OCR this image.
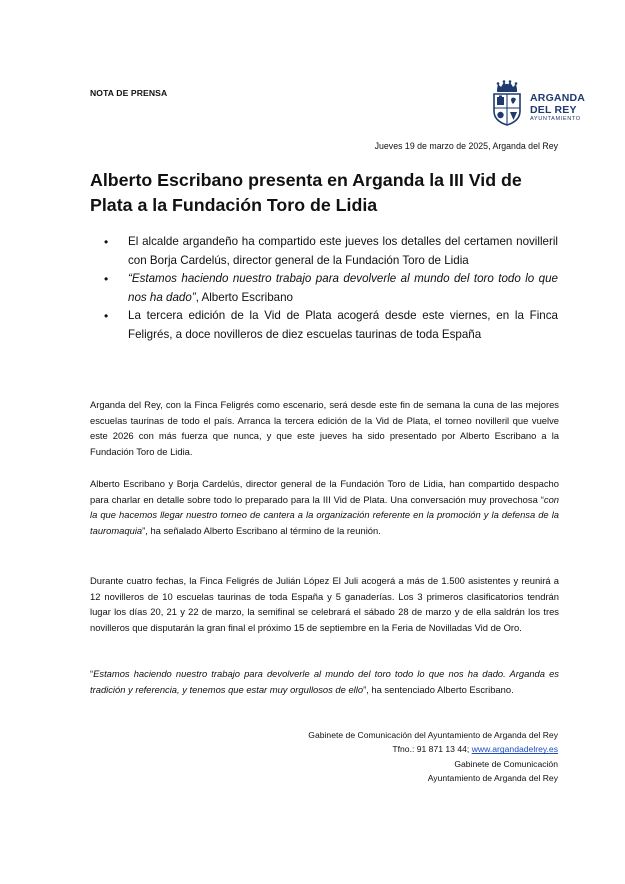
NOTA DE PRENSA	ARGANDA
DEL REY
AYUNTAMIENTO
Jueves 19 de marzo de 2025, Arganda del Rey
Alberto Escribano presenta en Arganda la III Vid de Plata a la Fundación Toro de Lidia
• El alcalde argandeño ha compartido este jueves los detalles del certamen novilleril con Borja Cardelús, director general de la Fundación Toro de Lidia
• “Estamos haciendo nuestro trabajo para devolverle al mundo del toro todo lo que nos ha dado”, Alberto Escribano
• La tercera edición de la Vid de Plata acogerá desde este viernes, en la Finca Feligrés, a doce novilleros de diez escuelas taurinas de toda España

Arganda del Rey, con la Finca Feligrés como escenario, será desde este fin de semana la cuna de las mejores escuelas taurinas de todo el país. Arranca la tercera edición de la Vid de Plata, el torneo novilleril que vuelve este 2026 con más fuerza que nunca, y que este jueves ha sido presentado por Alberto Escribano a la Fundación Toro de Lidia.

Alberto Escribano y Borja Cardelús, director general de la Fundación Toro de Lidia, han compartido despacho para charlar en detalle sobre todo lo preparado para la III Vid de Plata. Una conversación muy provechosa “con la que hacemos llegar nuestro torneo de cantera a la organización referente en la promoción y la defensa de la tauromaquia”, ha señalado Alberto Escribano al término de la reunión.

Durante cuatro fechas, la Finca Feligrés de Julián López El Juli acogerá a más de 1.500 asistentes y reunirá a 12 novilleros de 10 escuelas taurinas de toda España y 5 ganaderías. Los 3 primeros clasificatorios tendrán lugar los días 20, 21 y 22 de marzo, la semifinal se celebrará el sábado 28 de marzo y de ella saldrán los tres novilleros que disputarán la gran final el próximo 15 de septiembre en la Feria de Novilladas Vid de Oro.

“Estamos haciendo nuestro trabajo para devolverle al mundo del toro todo lo que nos ha dado. Arganda es tradición y referencia, y tenemos que estar muy orgullosos de ello”, ha sentenciado Alberto Escribano.

Gabinete de Comunicación del Ayuntamiento de Arganda del Rey
Tfno.: 91 871 13 44; www.argandadelrey.es
Gabinete de Comunicación
Ayuntamiento de Arganda del Rey
